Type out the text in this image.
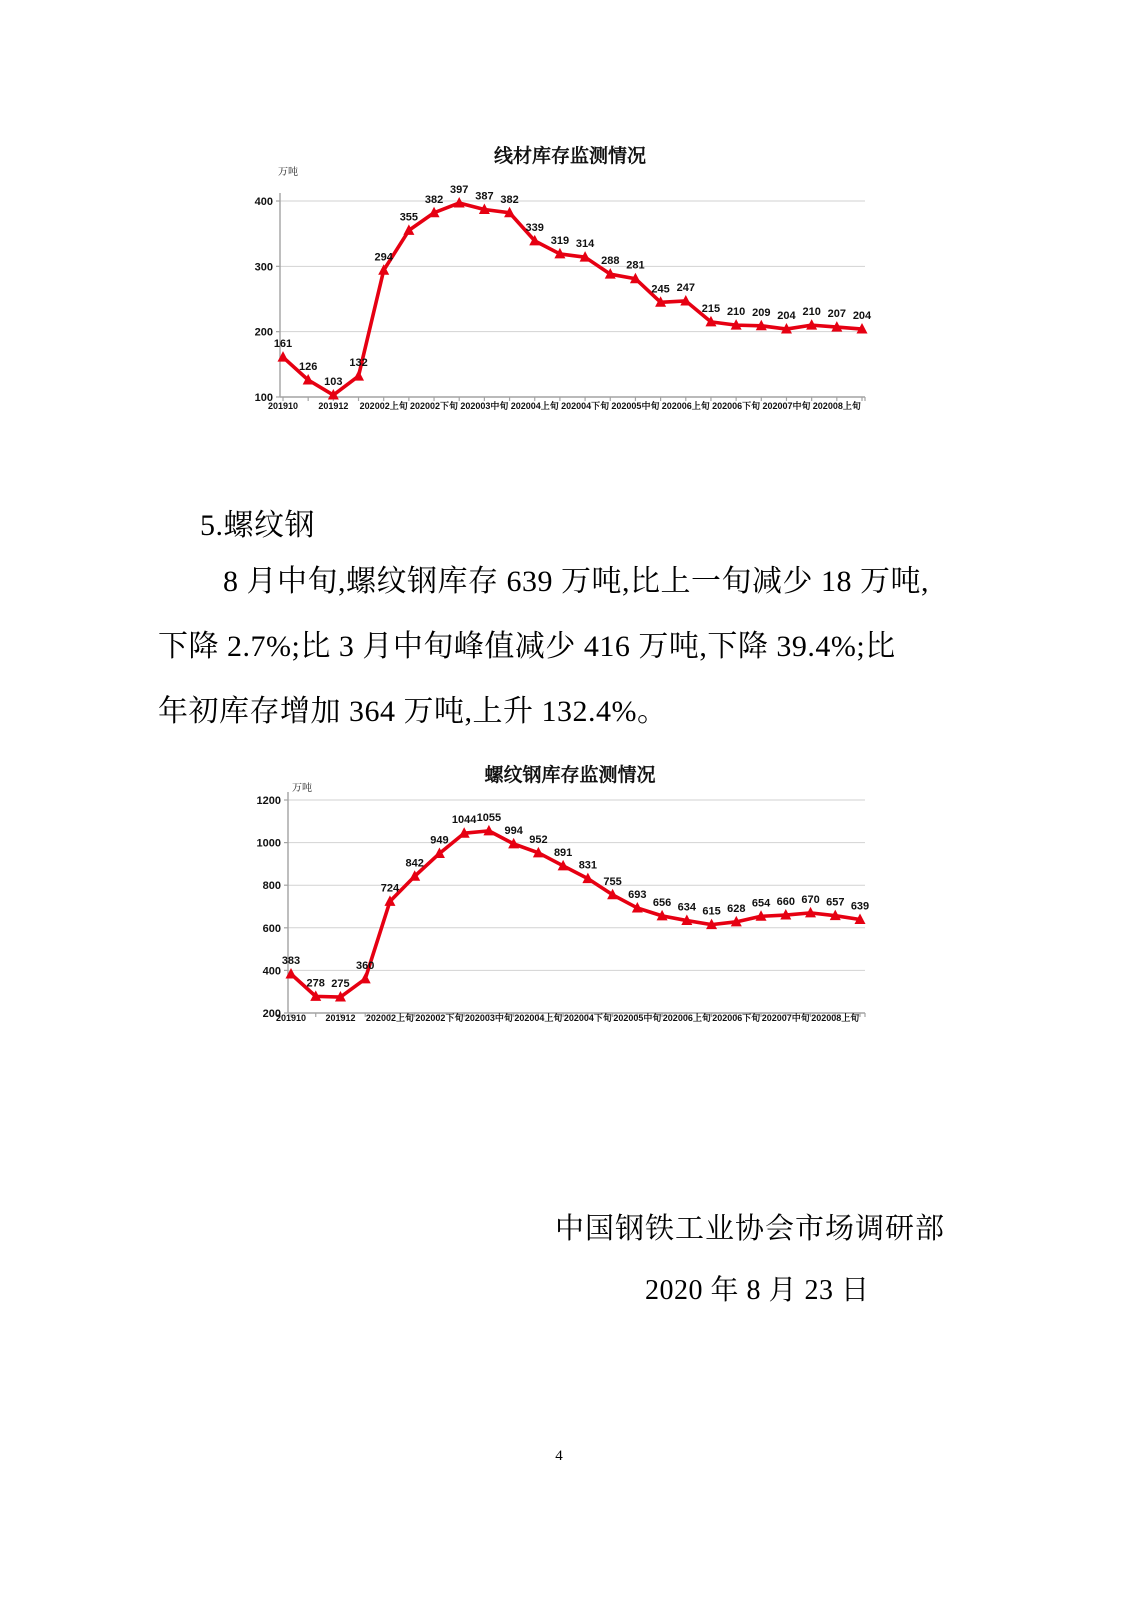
线材库存监测情况
万吨
100
200
300
400
201910 201912 202002上旬 202002下旬 202003中旬 202004上旬 202004下旬 202005中旬 202006上旬 202006下旬 202007中旬 202008上旬
161
126
103
132
294
355
382
397
387 382
339
319 314
288 281
245 247
215 210 209 204 210 207 204
5.螺纹钢
8 月中旬,螺纹钢库存 639 万吨,比上一旬减少 18 万吨,
下降 2.7%;比 3 月中旬峰值减少 416 万吨,下降 39.4%;比
年初库存增加 364 万吨,上升 132.4%。
螺纹钢库存监测情况
万吨
200
400
600
800
1000
1200
201910 201912 202002上旬 202002下旬 202003中旬 202004上旬 202004下旬 202005中旬 202006上旬 202006下旬 202007中旬 202008上旬
383
278 275
360
724
842
949
1044 1055
994
952
891
831
755
693
656 634 615 628 654 660 670 657 639
中国钢铁工业协会市场调研部
2020 年 8 月 23 日
4
